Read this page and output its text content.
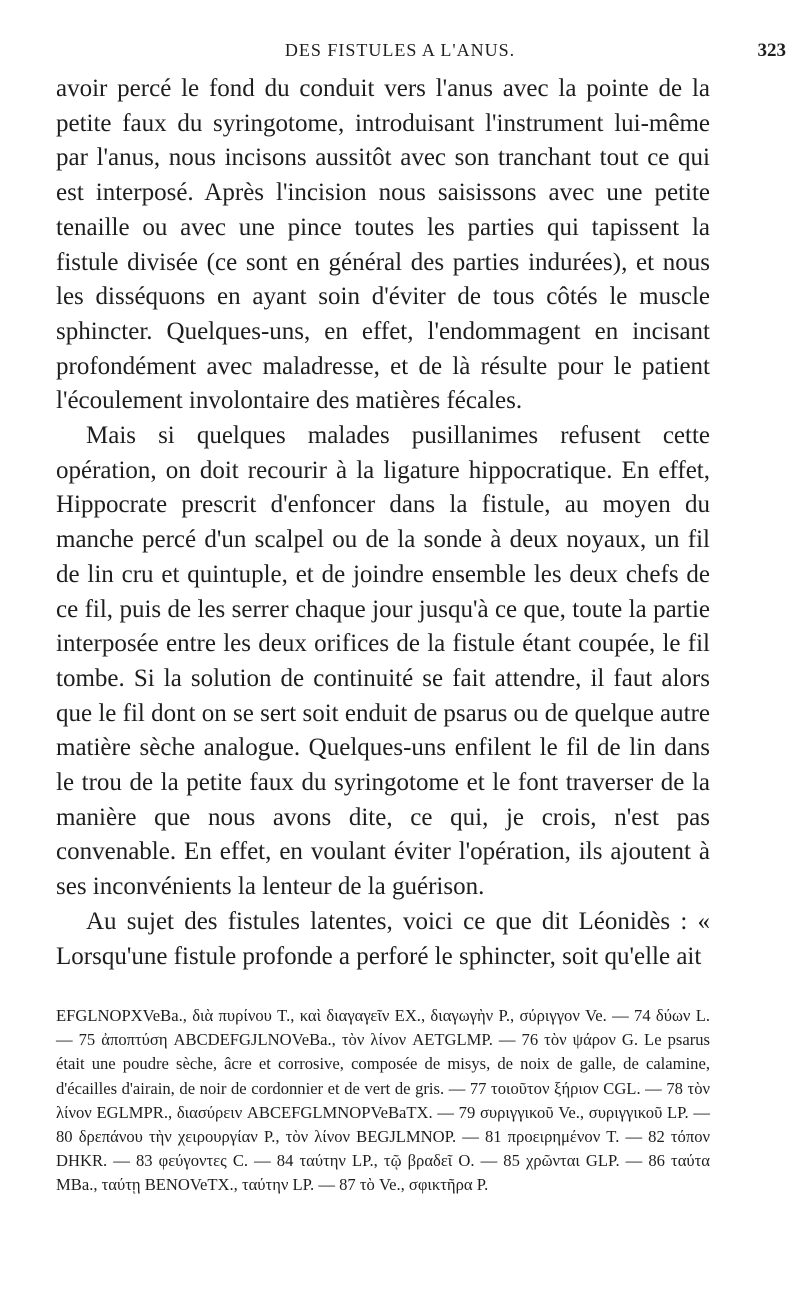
DES FISTULES A L'ANUS.	323

avoir percé le fond du conduit vers l'anus avec la pointe de la petite faux du syringotome, introduisant l'instrument lui-même par l'anus, nous incisons aussitôt avec son tranchant tout ce qui est interposé. Après l'incision nous saisissons avec une petite tenaille ou avec une pince toutes les parties qui tapissent la fistule divisée (ce sont en général des parties indurées), et nous les disséquons en ayant soin d'éviter de tous côtés le muscle sphincter. Quelques-uns, en effet, l'endommagent en incisant profondément avec maladresse, et de là résulte pour le patient l'écoulement involontaire des matières fécales.

Mais si quelques malades pusillanimes refusent cette opération, on doit recourir à la ligature hippocratique. En effet, Hippocrate prescrit d'enfoncer dans la fistule, au moyen du manche percé d'un scalpel ou de la sonde à deux noyaux, un fil de lin cru et quintuple, et de joindre ensemble les deux chefs de ce fil, puis de les serrer chaque jour jusqu'à ce que, toute la partie interposée entre les deux orifices de la fistule étant coupée, le fil tombe. Si la solution de continuité se fait attendre, il faut alors que le fil dont on se sert soit enduit de psarus ou de quelque autre matière sèche analogue. Quelques-uns enfilent le fil de lin dans le trou de la petite faux du syringotome et le font traverser de la manière que nous avons dite, ce qui, je crois, n'est pas convenable. En effet, en voulant éviter l'opération, ils ajoutent à ses inconvénients la lenteur de la guérison.

Au sujet des fistules latentes, voici ce que dit Léonidès : « Lorsqu'une fistule profonde a perforé le sphincter, soit qu'elle ait

EFGLNOPXVeBa., διὰ πυρίνου T., καὶ διαγαγεῖν EX., διαγωγὴν P., σύριγγον Ve. — 74 δύων L. — 75 ἀποπτύση ABCDEFGJLNOVeBa., τὸν λίνον AETGLMP. — 76 τὸν ψάρον G. Le psarus était une poudre sèche, âcre et corrosive, composée de misys, de noix de galle, de calamine, d'écailles d'airain, de noir de cordonnier et de vert de gris. — 77 τοιοῦτον ξήριον CGL. — 78 τὸν λίνον EGLMPR., διασύρειν ABCEFGLMNOPVeBaTX. — 79 συριγγικοῦ Ve., συριγγικοῦ LP. — 80 δρεπάνου τὴν χειρουργίαν P., τὸν λίνον BEGJLMNOP. — 81 προειρημένον T. — 82 τόπον DHKR. — 83 φεύγοντες C. — 84 ταύτην LP., τῷ βραδεῖ O. — 85 χρῶνται GLP. — 86 ταύτα MBa., ταύτῃ BENOVeTX., ταύτην LP. — 87 τὸ Ve., σφικτῆρα P.
